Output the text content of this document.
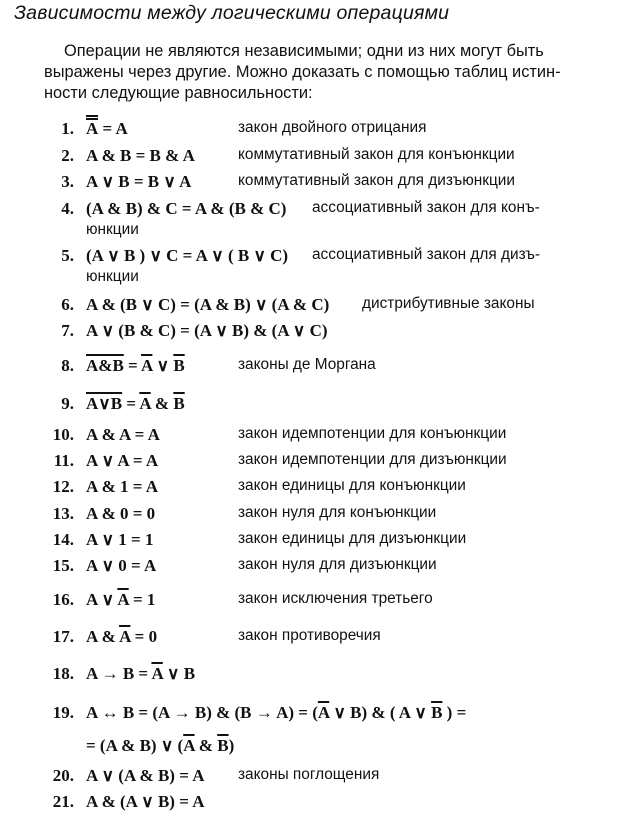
Зависимости между логическими операциями
Операции не являются независимыми; одни из них могут быть
выражены через другие. Можно доказать с помощью таблиц истин-
ности следующие равносильности:
1. A = A	закон двойного отрицания
2. A & B = B & A	коммутативный закон для конъюнкции
3. A ∨ B = B ∨ A	коммутативный закон для дизъюнкции
4. (A & B) & C = A & (B & C) ассоциативный закон для конъ-
юнкции
5. (A ∨ B ) ∨ C = A ∨ ( B ∨ C) ассоциативный закон для дизъ-
юнкции
6. A & (B ∨ C) = (A & B) ∨ (A & C) дистрибутивные законы
7. A ∨ (B & C) = (A ∨ B) & (A ∨ C)
8. A&B = $\overline{A}$ ∨ $\overline{B}$	законы де Моргана
9. A∨B = $\overline{A}$ & $\overline{B}$
10. A & A = A	закон идемпотенции для конъюнкции
11. A ∨ A = A	закон идемпотенции для дизъюнкции
12. A & 1 = A	закон единицы для конъюнкции
13. A & 0 = 0	закон нуля для конъюнкции
14. A ∨ 1 = 1	закон единицы для дизъюнкции
15. A ∨ 0 = A	закон нуля для дизъюнкции
16. A ∨ $\overline{A} = 1$	закон исключения третьего
17. A & $\overline{A} = 0$	закон противоречия
18. $A \to B = \overline{A}$ ∨ B
19. A ↔ B = (A → B) & $(B \to A) = (\overline{A}$ ∨ B) & ( A ∨ $\overline{B}$ ) =
= (A & B) ∨ ($\overline{A}$ & $\overline{B}$)
20. A ∨ (A & B) = A законы поглощения
21. A & (A ∨ B) = A
